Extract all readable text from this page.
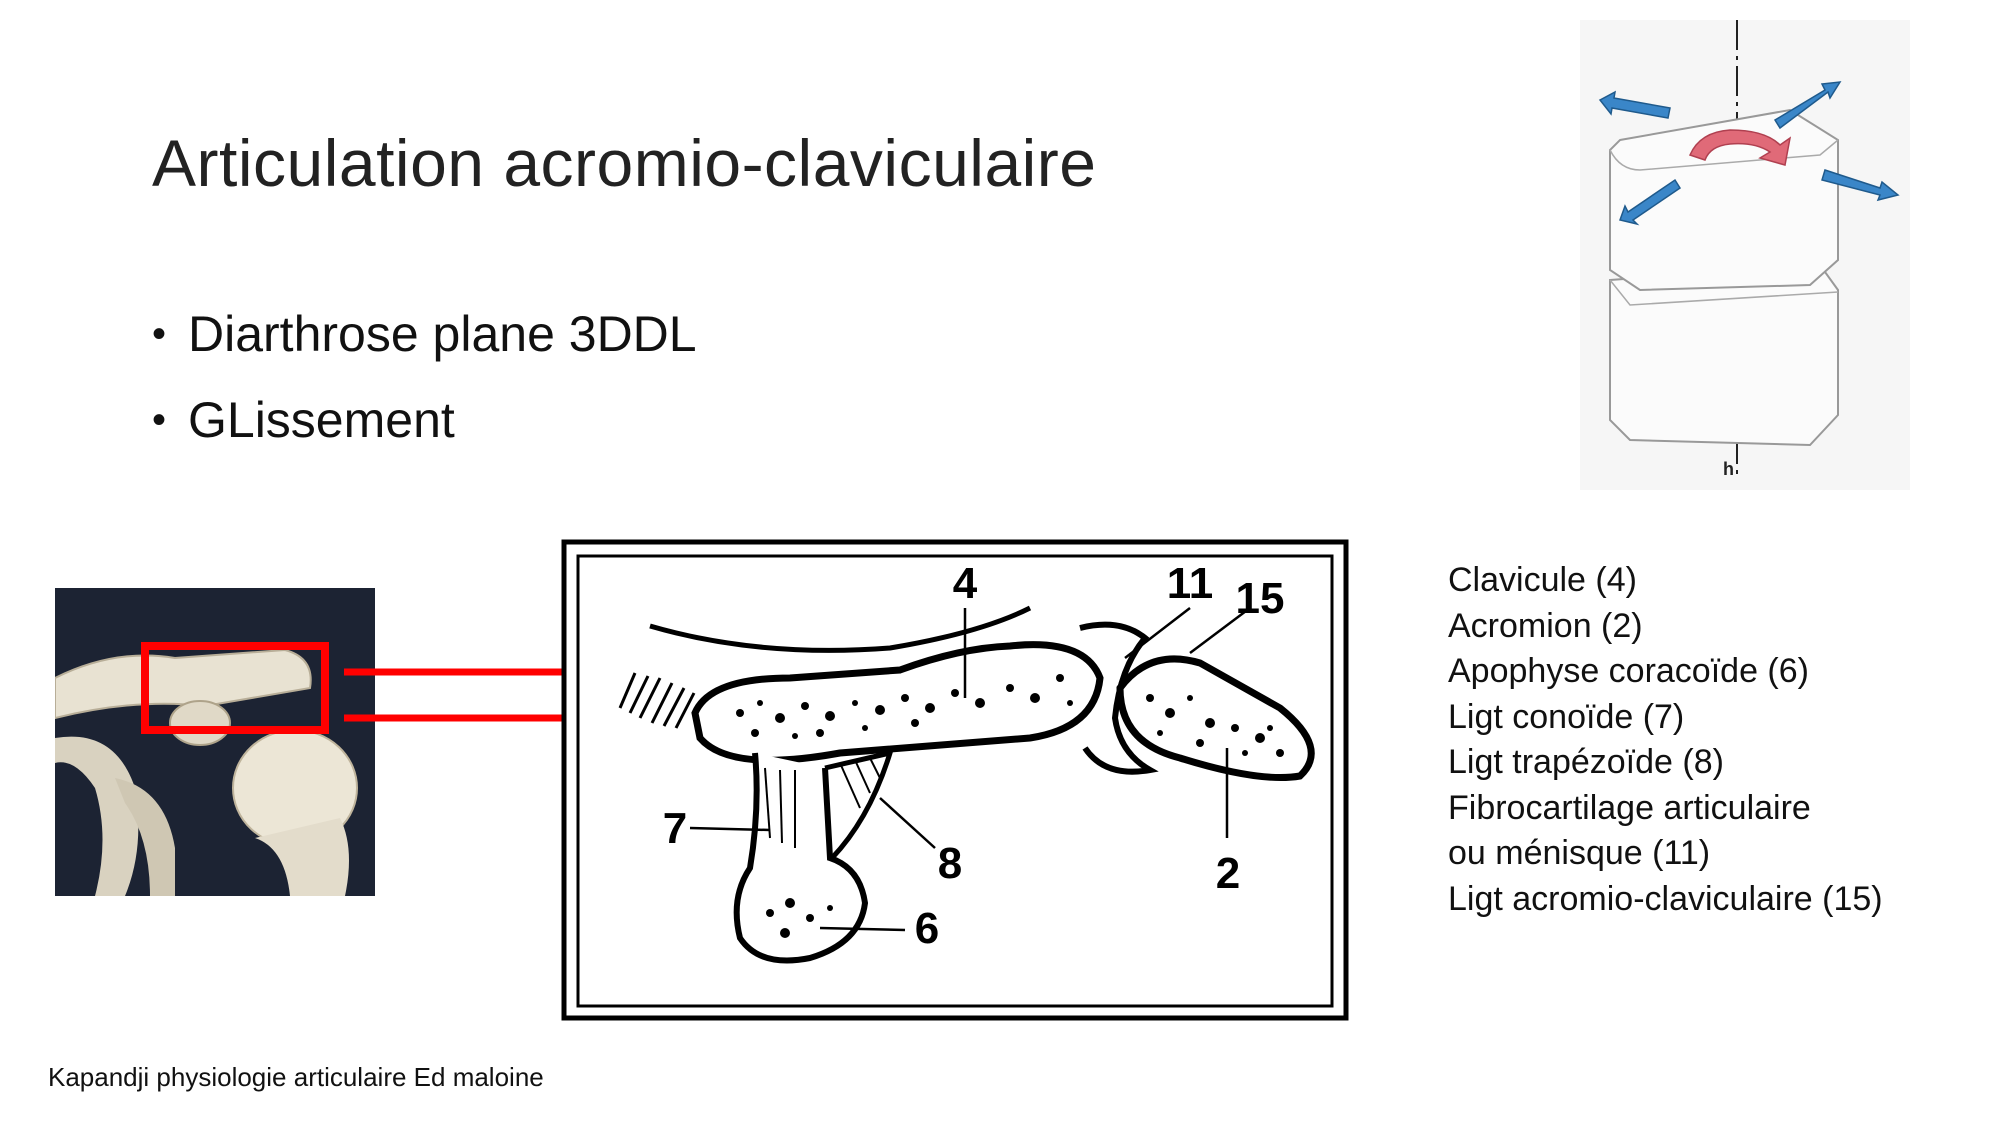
Articulation acromio-claviculaire
• Diarthrose plane 3DDL
• GLissement
4	11 15
7
8
6
2
h
Clavicule (4)
Acromion (2)
Apophyse coracoïde (6)
Ligt conoïde (7)
Ligt trapézoïde (8)
Fibrocartilage articulaire
ou ménisque (11)
Ligt acromio-claviculaire (15)
Kapandji physiologie articulaire Ed maloine
